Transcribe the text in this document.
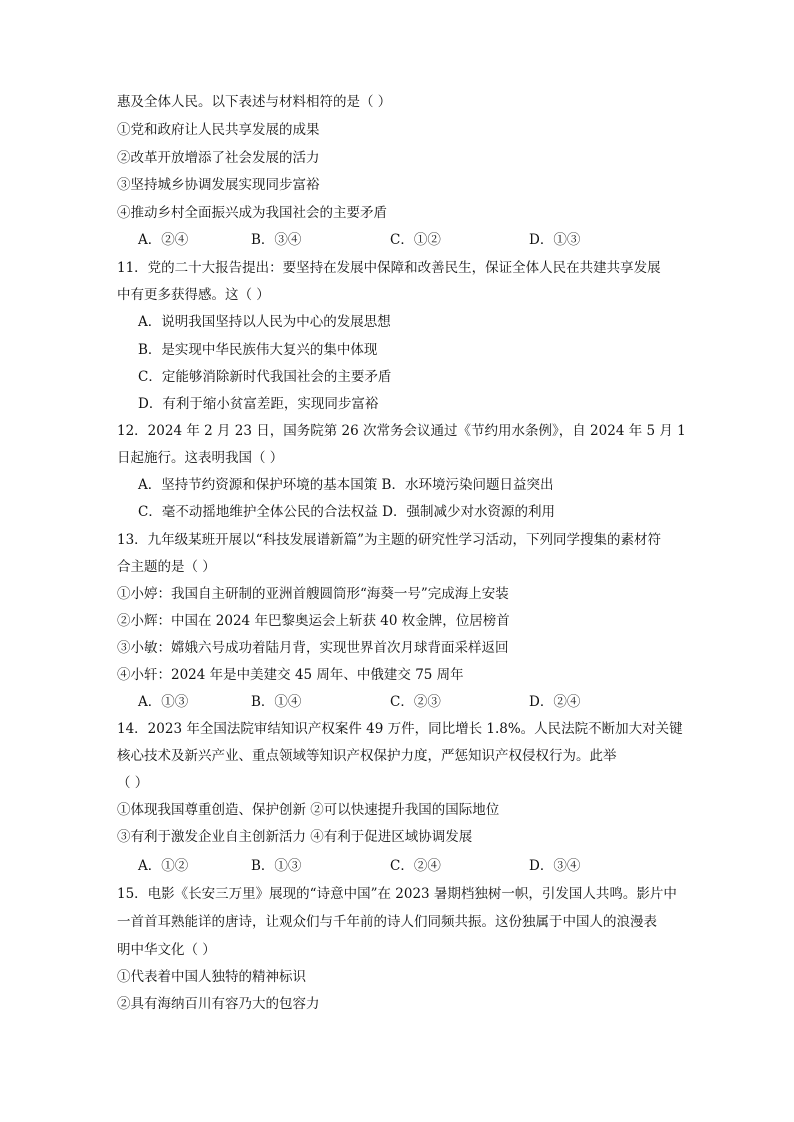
惠及全体人民。以下表述与材料相符的是（ ）
①党和政府让人民共享发展的成果
②改革开放增添了社会发展的活力
③坚持城乡协调发展实现同步富裕
④推动乡村全面振兴成为我国社会的主要矛盾
A．②④	B．③④	C．①②	D．①③
11．党的二十大报告提出：要坚持在发展中保障和改善民生，保证全体人民在共建共享发展
中有更多获得感。这（ ）
A．说明我国坚持以人民为中心的发展思想
B．是实现中华民族伟大复兴的集中体现
C．定能够消除新时代我国社会的主要矛盾
D．有利于缩小贫富差距，实现同步富裕
12．2024 年 2 月 23 日，国务院第 26 次常务会议通过《节约用水条例》，自 2024 年 5 月 1
日起施行。这表明我国（ ）
A．坚持节约资源和保护环境的基本国策 B．水环境污染问题日益突出
C．毫不动摇地维护全体公民的合法权益 D．强制减少对水资源的利用
13．九年级某班开展以“科技发展谱新篇”为主题的研究性学习活动，下列同学搜集的素材符
合主题的是（ ）
①小婷：我国自主研制的亚洲首艘圆筒形“海葵一号”完成海上安装
②小辉：中国在 2024 年巴黎奥运会上斩获 40 枚金牌，位居榜首
③小敏：嫦娥六号成功着陆月背，实现世界首次月球背面采样返回
④小轩：2024 年是中美建交 45 周年、中俄建交 75 周年
A．①③	B．①④	C．②③	D．②④
14．2023 年全国法院审结知识产权案件 49 万件，同比增长 1.8%。人民法院不断加大对关键
核心技术及新兴产业、重点领域等知识产权保护力度，严惩知识产权侵权行为。此举
（ ）
①体现我国尊重创造、保护创新 ②可以快速提升我国的国际地位
③有利于激发企业自主创新活力 ④有利于促进区域协调发展
A．①②	B．①③	C．②④	D．③④
15．电影《长安三万里》展现的“诗意中国”在 2023 暑期档独树一帜，引发国人共鸣。影片中
一首首耳熟能详的唐诗，让观众们与千年前的诗人们同频共振。这份独属于中国人的浪漫表
明中华文化（ ）
①代表着中国人独特的精神标识
②具有海纳百川有容乃大的包容力
